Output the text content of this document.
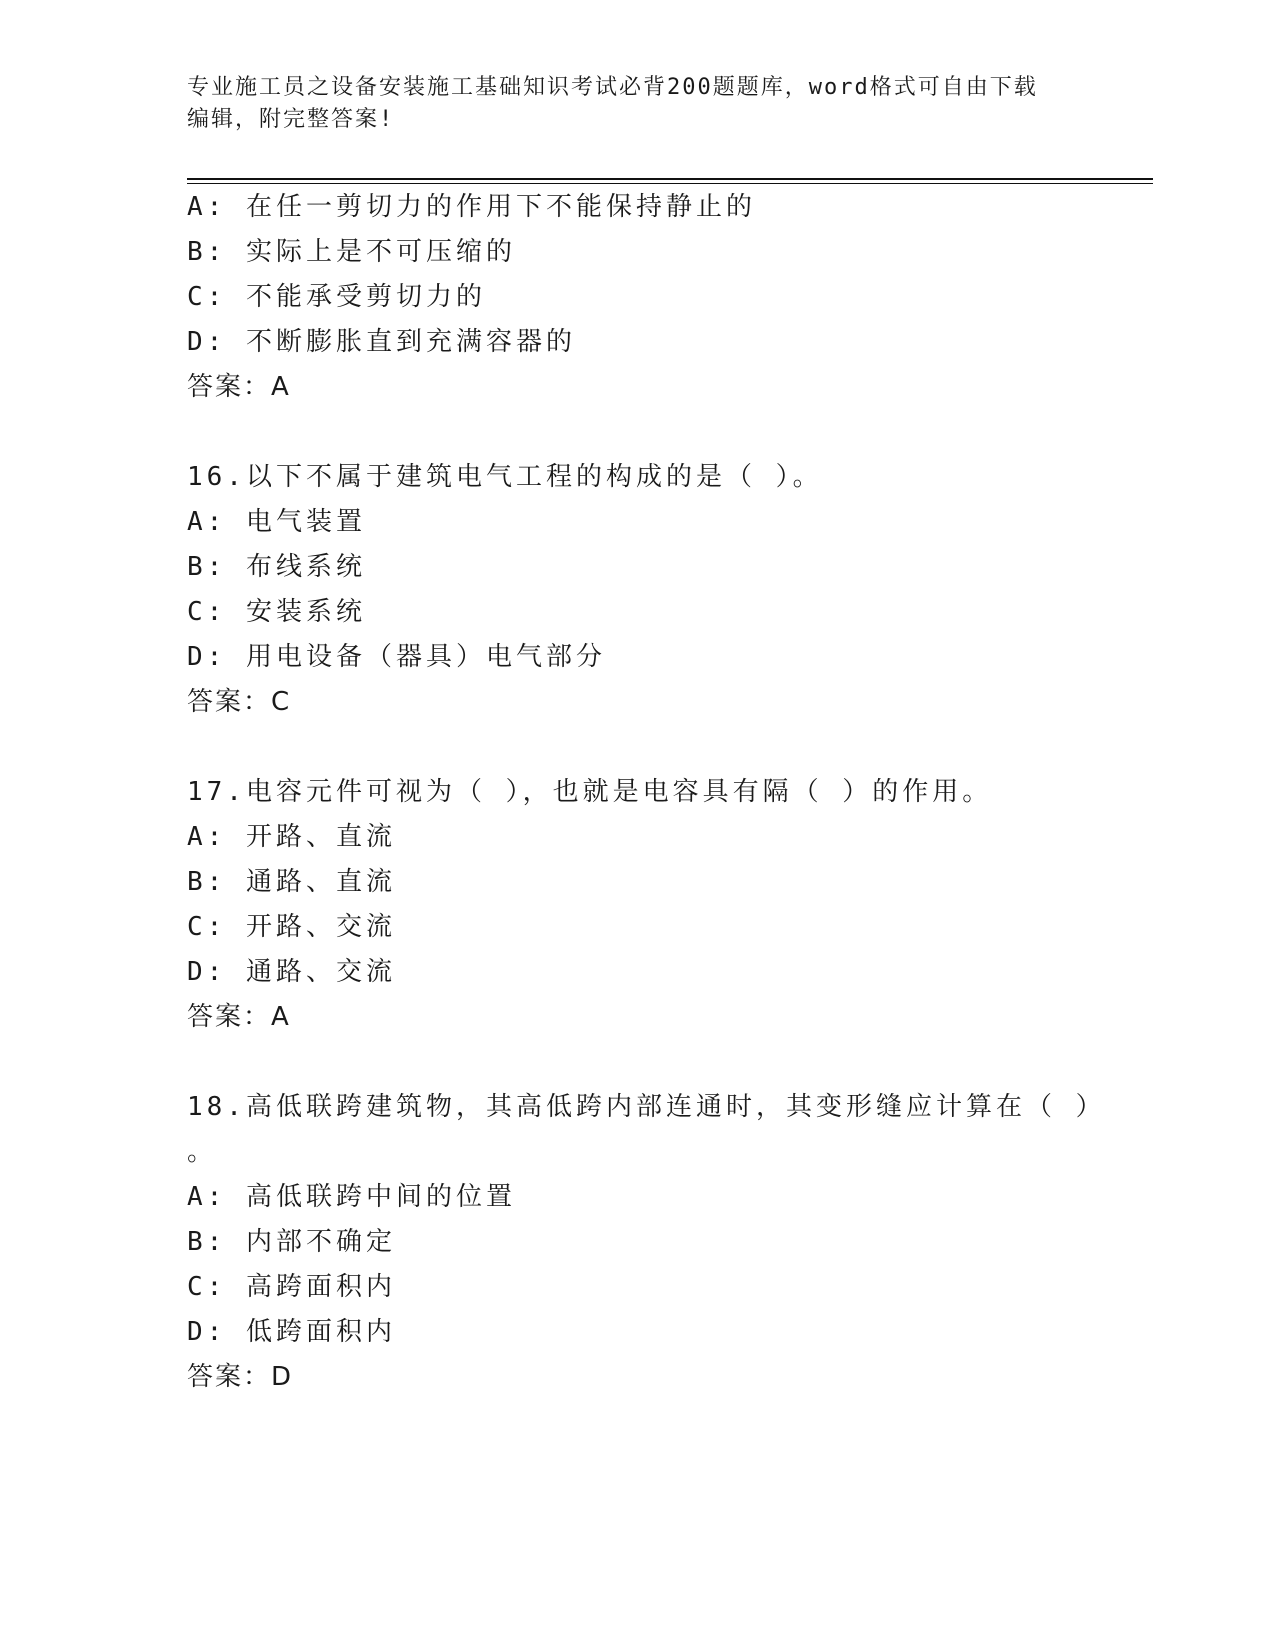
专业施工员之设备安装施工基础知识考试必背200题题库，word格式可自由下载
编辑，附完整答案!
A: 在任一剪切力的作用下不能保持静止的
B: 实际上是不可压缩的
C: 不能承受剪切力的
D: 不断膨胀直到充满容器的
答案：A
16.以下不属于建筑电气工程的构成的是（ ）。
A: 电气装置
B: 布线系统
C: 安装系统
D: 用电设备（器具）电气部分
答案：C
17.电容元件可视为（ ），也就是电容具有隔（ ）的作用。
A: 开路、直流
B: 通路、直流
C: 开路、交流
D: 通路、交流
答案：A
18.高低联跨建筑物，其高低跨内部连通时，其变形缝应计算在（ ）
。
A: 高低联跨中间的位置
B: 内部不确定
C: 高跨面积内
D: 低跨面积内
答案：D
